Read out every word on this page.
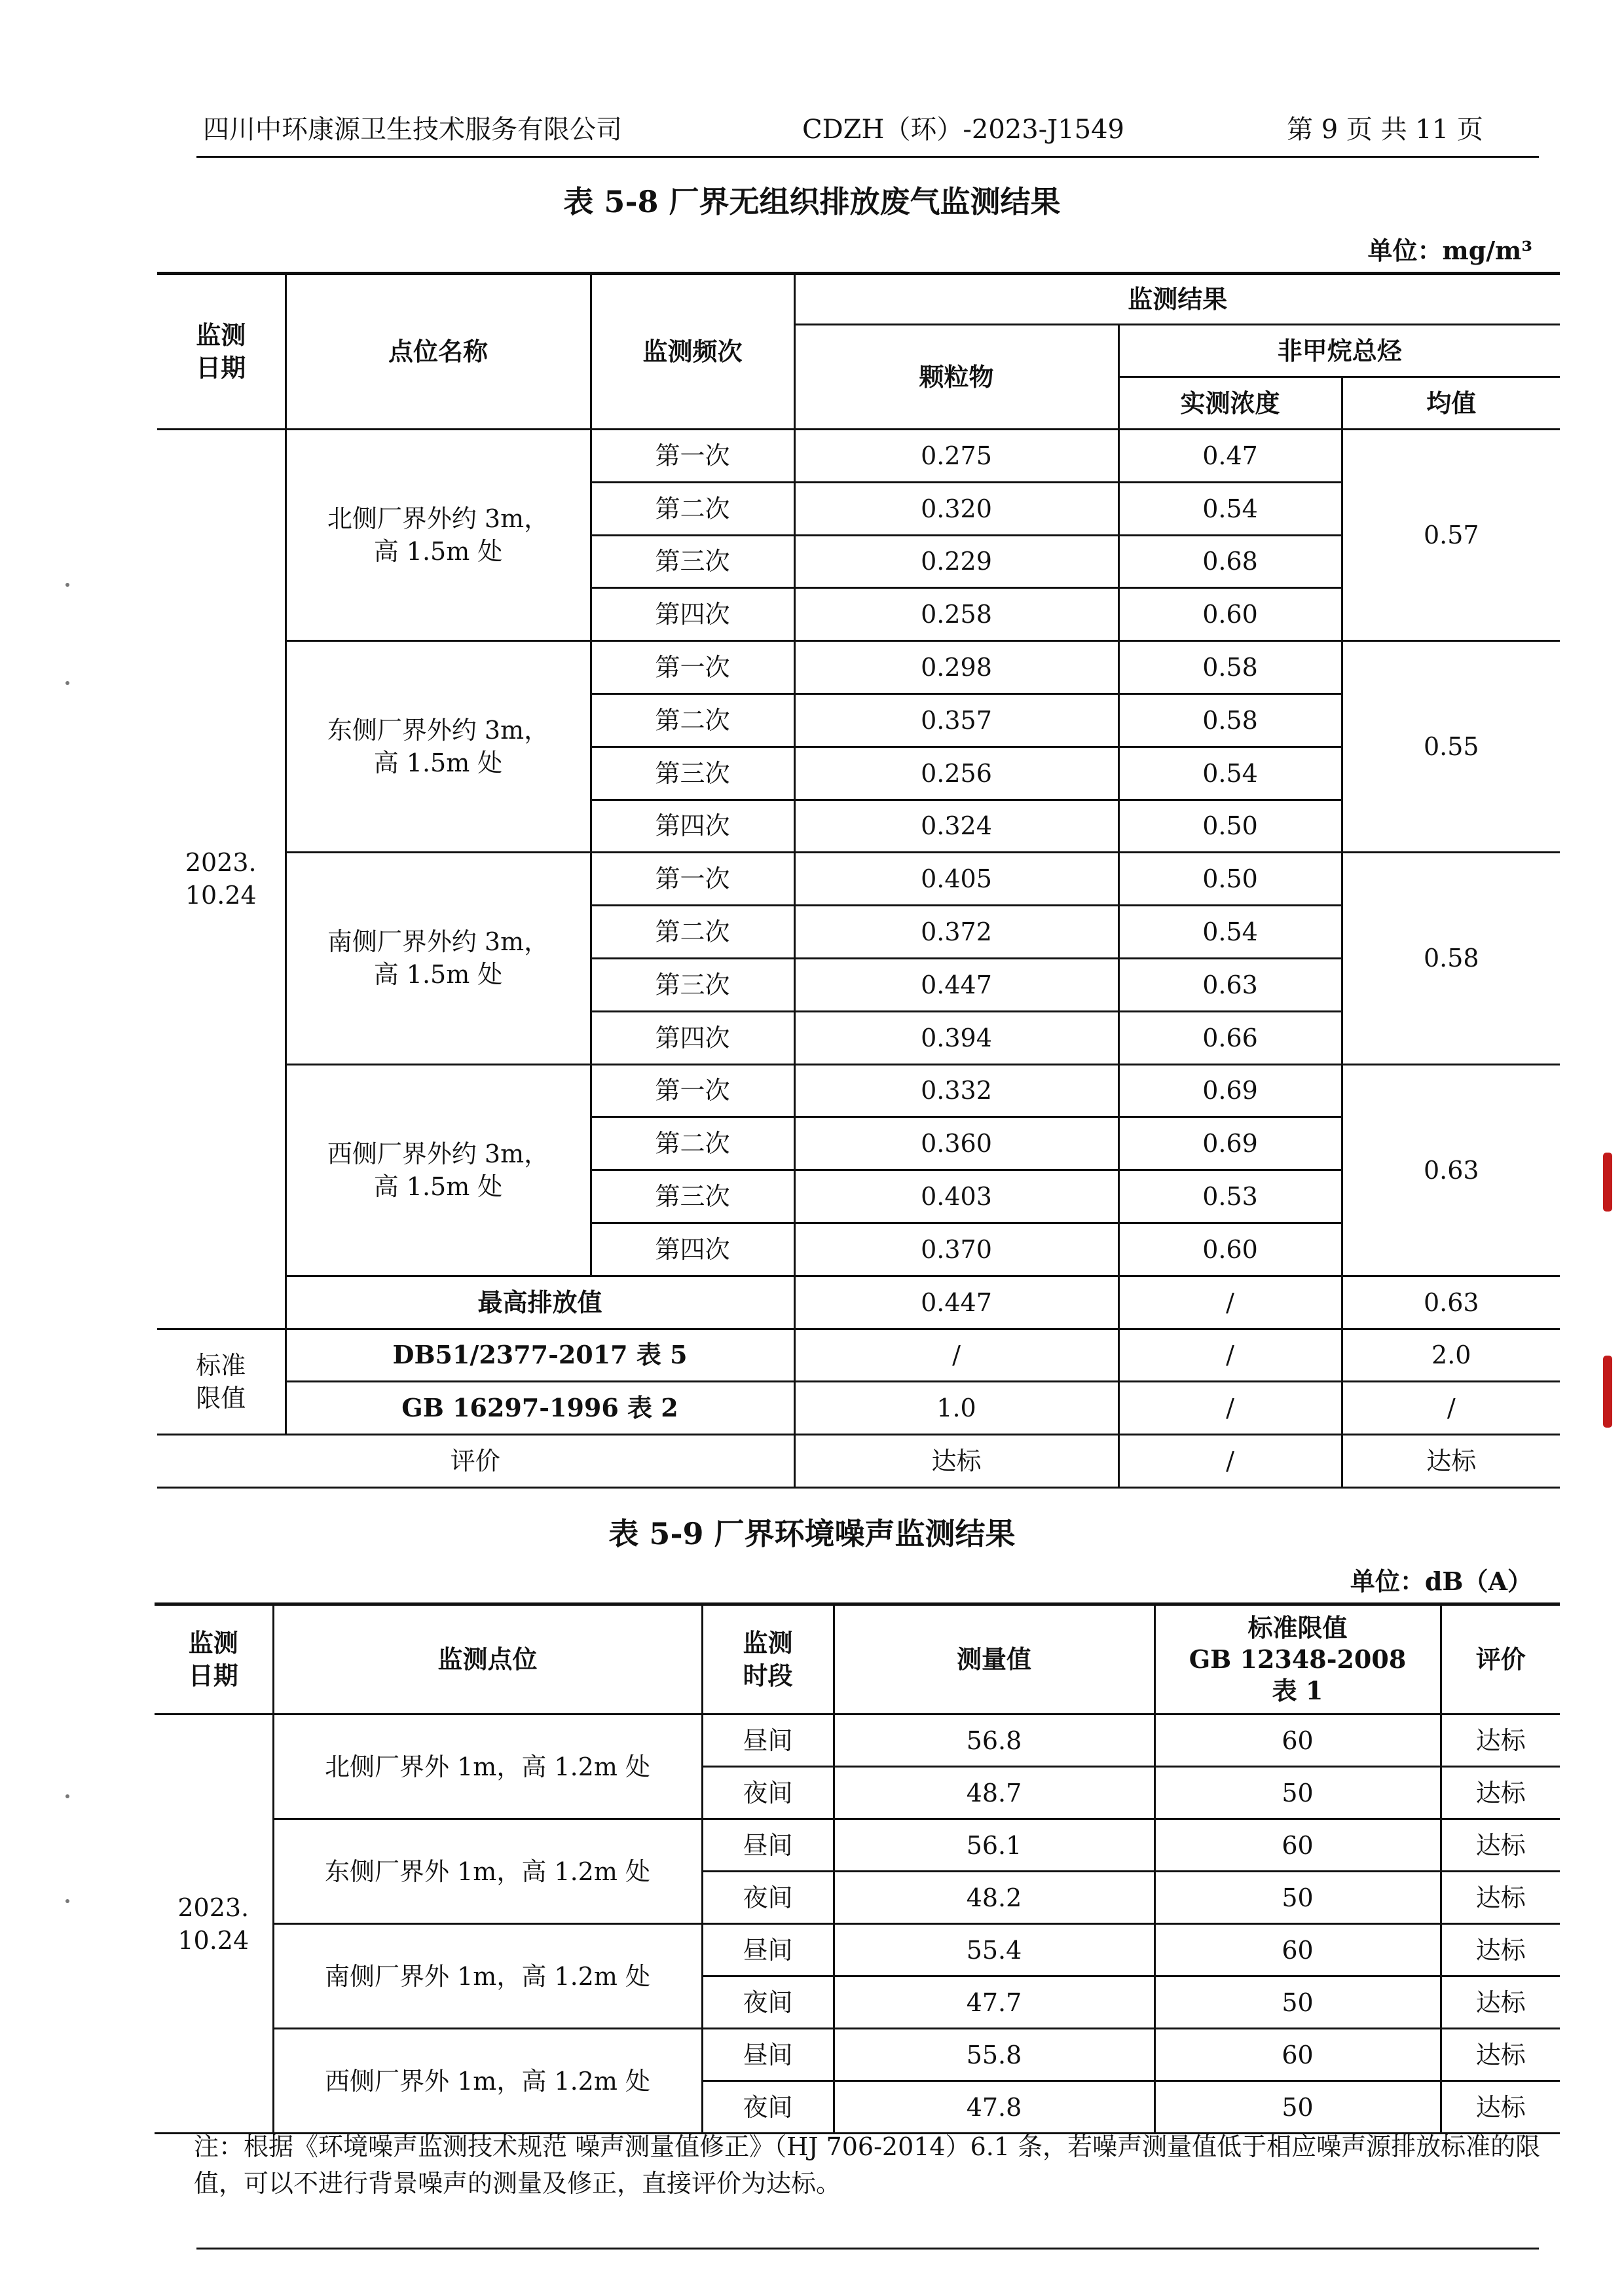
四川中环康源卫生技术服务有限公司	CDZH（环）-2023-J1549	第 9 页 共 11 页
表 5-8 厂界无组织排放废气监测结果
单位：mg/m³
监测
日期	点位名称	监测频次	监测结果		
			颗粒物	非甲烷总烃	
				实测浓度	均值
2023.
10.24	北侧厂界外约 3m，
高 1.5m 处	第一次	0.275	0.47	0.57
		第二次	0.320	0.54	
		第三次	0.229	0.68	
		第四次	0.258	0.60	
	东侧厂界外约 3m，
高 1.5m 处	第一次	0.298	0.58	0.55
		第二次	0.357	0.58	
		第三次	0.256	0.54	
		第四次	0.324	0.50	
	南侧厂界外约 3m，
高 1.5m 处	第一次	0.405	0.50	0.58
		第二次	0.372	0.54	
		第三次	0.447	0.63	
		第四次	0.394	0.66	
	西侧厂界外约 3m，
高 1.5m 处	第一次	0.332	0.69	0.63
		第二次	0.360	0.69	
		第三次	0.403	0.53	
		第四次	0.370	0.60	
	最高排放值		0.447	/	0.63
标准
限值	DB51/2377-2017 表 5		/	/	2.0
	GB 16297-1996 表 2		1.0	/	/
评价			达标	/	达标
表 5-9 厂界环境噪声监测结果
单位：dB（A）
监测
日期	监测点位	监测
时段	测量值	标准限值
GB 12348-2008
表 1	评价
2023.
10.24	北侧厂界外 1m，高 1.2m 处	昼间	56.8	60	达标
		夜间	48.7	50	达标
	东侧厂界外 1m，高 1.2m 处	昼间	56.1	60	达标
		夜间	48.2	50	达标
	南侧厂界外 1m，高 1.2m 处	昼间	55.4	60	达标
		夜间	47.7	50	达标
	西侧厂界外 1m，高 1.2m 处	昼间	55.8	60	达标
		夜间	47.8	50	达标
注：根据《环境噪声监测技术规范 噪声测量值修正》（HJ 706-2014）6.1 条，若噪声测量值低于相应噪声源排放标准的限值，可以不进行背景噪声的测量及修正，直接评价为达标。
